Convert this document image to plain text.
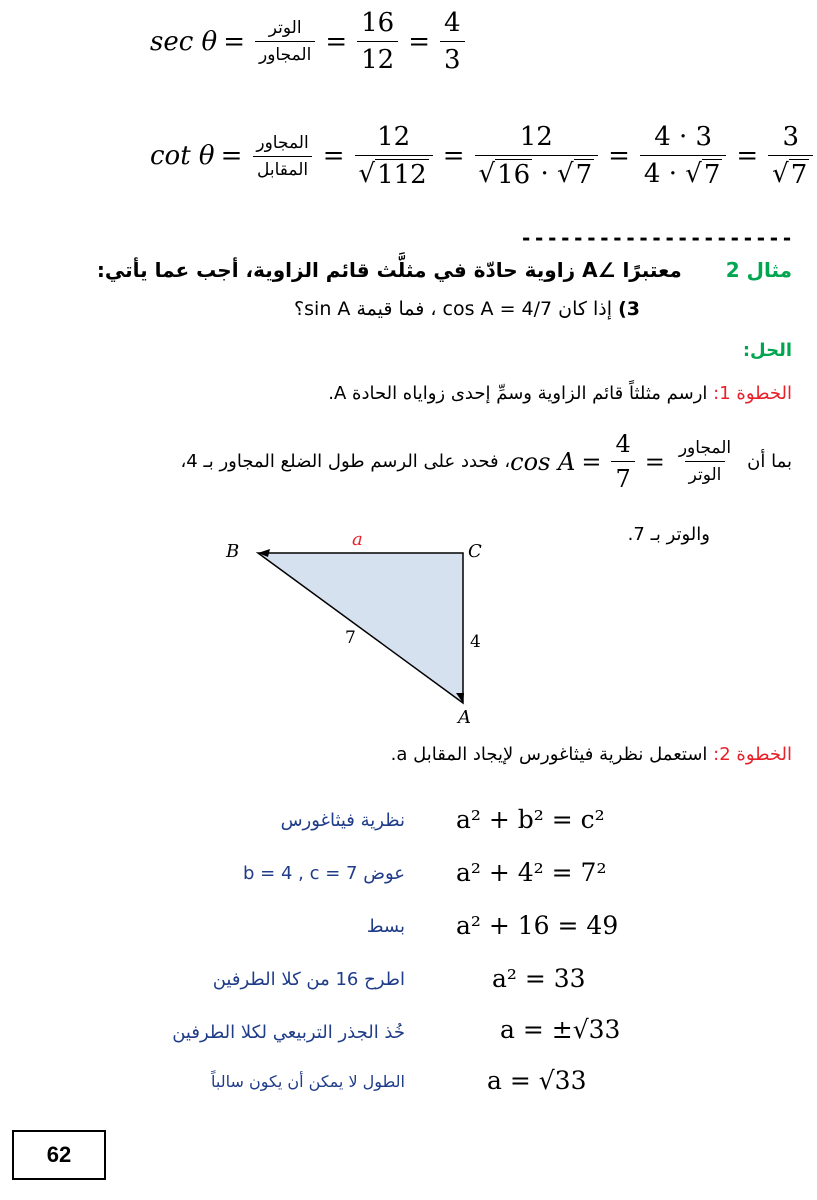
$\sec \theta = \frac{\text{الوتر}}{\text{المجاور}} = \frac{16}{12} = \frac{4}{3}$
$\cot \theta = \frac{\text{المجاور}}{\text{المقابل}} = \frac{12}{√ 112} = \frac{12}{√ 16 \cdot √ 7} = \frac{4 \cdot 3}{4 \cdot √ 7} = \frac{3}{√ 7}$
---------------------
مثال 2  معتبرًا ∠A زاوية حادّة في مثلَّث قائم الزاوية، أجب عما يأتي:
3) إذا كان cos A = 4/7 ، فما قيمة sin A؟
الحل:
الخطوة 1: ارسم مثلثاً قائم الزاوية وسمِّ إحدى زواياه الحادة A.
بما أن
$\cos A = \frac{4}{7} = \frac{\text{المجاور}}{\text{الوتر}}$
، فحدد على الرسم طول الضلع المجاور بـ 4،
والوتر بـ 7.
B	C
A
a
4
7
الخطوة 2: استعمل نظرية فيثاغورس لإيجاد المقابل a.
a² + b² = c²
نظرية فيثاغورس
a² + 4² = 7²
عوض b = 4 , c = 7
a² + 16 = 49
بسط
a² = 33
اطرح 16 من كلا الطرفين
a = ±√33
خُذ الجذر التربيعي لكلا الطرفين
a = √33
الطول لا يمكن أن يكون سالباً
62
